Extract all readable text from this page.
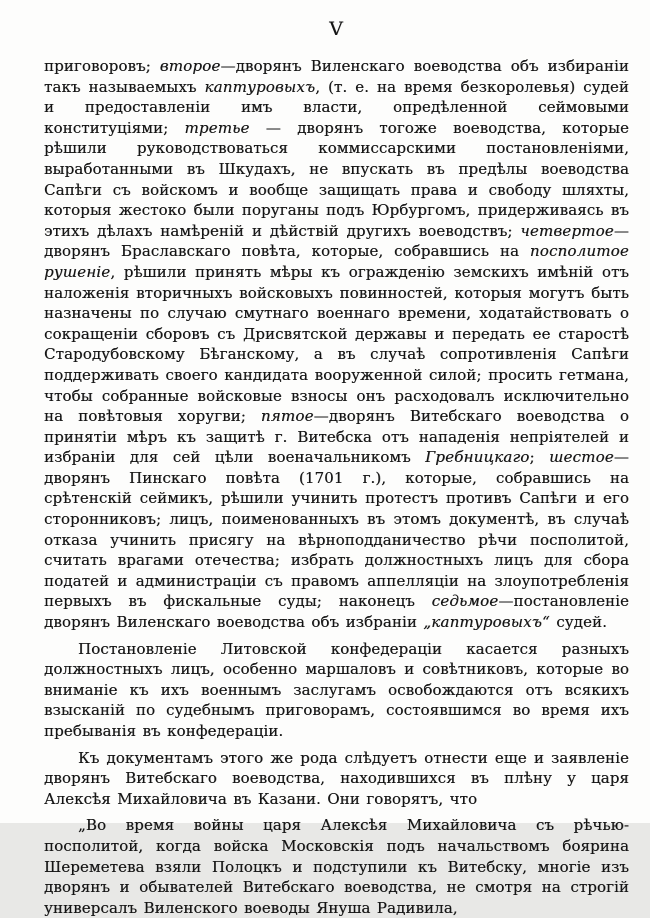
V

приговоровъ; второе—дворянъ Виленскаго воеводства объ избираніи такъ называемыхъ каптуровыхъ, (т. е. на время безкоролевья) судей и предоставленіи имъ власти, опредѣленной сеймовыми конституціями; третье — дворянъ тогоже воеводства, которые рѣшили руководствоваться коммиссарскими постановленіями, выработанными въ Шкудахъ, не впускать въ предѣлы воеводства Сапѣги съ войскомъ и вообще защищать права и свободу шляхты, которыя жестоко были поруганы подъ Юрбургомъ, придерживаясь въ этихъ дѣлахъ намѣреній и дѣйствій другихъ воеводствъ; четвертое—дворянъ Браславскаго повѣта, которые, собравшись на посполитое рушеніе, рѣшили принять мѣры къ огражденію земскихъ имѣній отъ наложенія вторичныхъ войсковыхъ повинностей, которыя могутъ быть назначены по случаю смутнаго военнаго времени, ходатайствовать о сокращеніи сборовъ съ Дрисвятской державы и передать ее старостѣ Стародубовскому Бѣганскому, а въ случаѣ сопротивленія Сапѣги поддерживать своего кандидата вооруженной силой; просить гетмана, чтобы собранные войсковые взносы онъ расходовалъ исключительно на повѣтовыя хоругви; пятое—дворянъ Витебскаго воеводства о принятіи мѣръ къ защитѣ г. Витебска отъ нападенія непріятелей и избраніи для сей цѣли военачальникомъ Гребницкаго; шестое—дворянъ Пинскаго повѣта (1701 г.), которые, собравшись на срѣтенскій сеймикъ, рѣшили учинить протестъ противъ Сапѣги и его сторонниковъ; лицъ, поименованныхъ въ этомъ документѣ, въ случаѣ отказа учинить присягу на вѣрноподданичество рѣчи посполитой, считать врагами отечества; избрать должностныхъ лицъ для сбора податей и администраціи съ правомъ аппелляціи на злоупотребленія первыхъ въ фискальные суды; наконецъ седьмое—постановленіе дворянъ Виленскаго воеводства объ избраніи „каптуровыхъ“ судей.

Постановленіе Литовской конфедераціи касается разныхъ должностныхъ лицъ, особенно маршаловъ и совѣтниковъ, которые во вниманіе къ ихъ военнымъ заслугамъ освобождаются отъ всякихъ взысканій по судебнымъ приговорамъ, состоявшимся во время ихъ пребыванія въ конфедераціи.

Къ документамъ этого же рода слѣдуетъ отнести еще и заявленіе дворянъ Витебскаго воеводства, находившихся въ плѣну у царя Алексѣя Михайловича въ Казани. Они говорятъ, что

„Во время войны царя Алексѣя Михайловича съ рѣчью-посполитой, когда войска Московскія подъ начальствомъ боярина Шереметева взяли Полоцкъ и подступили къ Витебску, многіе изъ дворянъ и обывателей Витебскаго воеводства, не смотря на строгій универсалъ Виленского воеводы Януша Радивила,
